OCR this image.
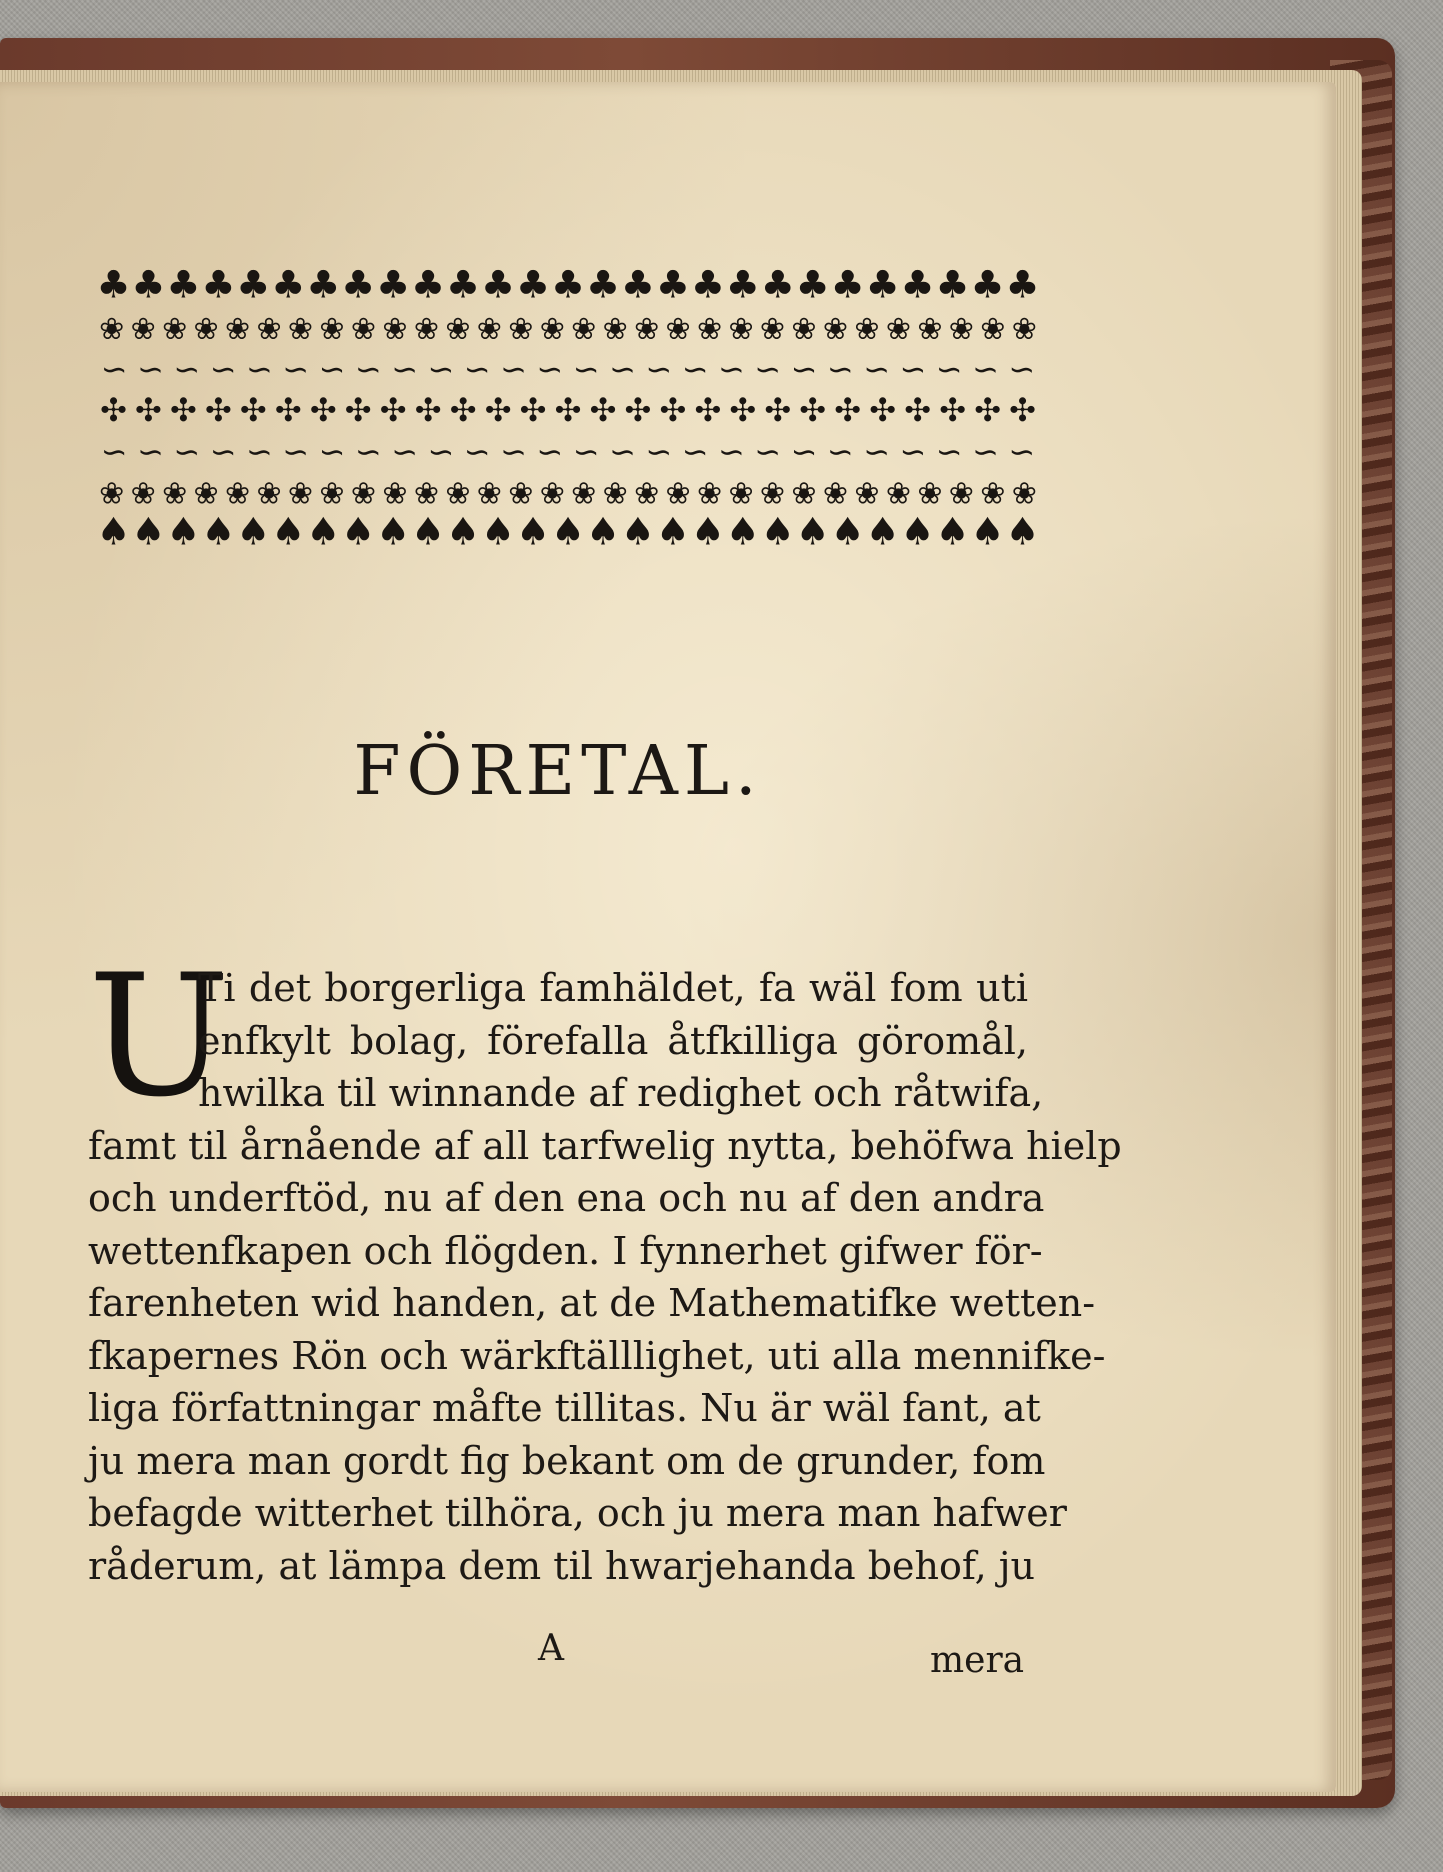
♣ ♣ ♣ ♣ ♣ ♣ ♣ ♣ ♣ ♣ ♣ ♣ ♣ ♣ ♣ ♣ ♣ ♣ ♣ ♣ ♣ ♣ ♣ ♣ ♣ ♣ ♣
❀ ❀ ❀ ❀ ❀ ❀ ❀ ❀ ❀ ❀ ❀ ❀ ❀ ❀ ❀ ❀ ❀ ❀ ❀ ❀ ❀ ❀ ❀ ❀ ❀ ❀ ❀ ❀ ❀ ❀
∽ ∽ ∽ ∽ ∽ ∽ ∽ ∽ ∽ ∽ ∽ ∽ ∽ ∽ ∽ ∽ ∽ ∽ ∽ ∽ ∽ ∽ ∽ ∽ ∽ ∽
✣ ✣ ✣ ✣ ✣ ✣ ✣ ✣ ✣ ✣ ✣ ✣ ✣ ✣ ✣ ✣ ✣ ✣ ✣ ✣ ✣ ✣ ✣ ✣ ✣ ✣ ✣
∽ ∽ ∽ ∽ ∽ ∽ ∽ ∽ ∽ ∽ ∽ ∽ ∽ ∽ ∽ ∽ ∽ ∽ ∽ ∽ ∽ ∽ ∽ ∽ ∽ ∽
❀ ❀ ❀ ❀ ❀ ❀ ❀ ❀ ❀ ❀ ❀ ❀ ❀ ❀ ❀ ❀ ❀ ❀ ❀ ❀ ❀ ❀ ❀ ❀ ❀ ❀ ❀ ❀ ❀ ❀
♠ ♠ ♠ ♠ ♠ ♠ ♠ ♠ ♠ ♠ ♠ ♠ ♠ ♠ ♠ ♠ ♠ ♠ ♠ ♠ ♠ ♠ ♠ ♠ ♠ ♠ ♠
FÖRETAL.
U
Ti det borgerliga famhäldet, fa wäl fom uti
enfkylt bolag, förefalla åtfkilliga göromål,
hwilka til winnande af redighet och råtwifa,
famt til årnående af all tarfwelig nytta, behöfwa hielp
och underftöd, nu af den ena och nu af den andra
wettenfkapen och flögden. I fynnerhet gifwer för-
farenheten wid handen, at de Mathematifke wetten-
fkapernes Rön och wärkftälllighet, uti alla mennifke-
liga författningar måfte tillitas. Nu är wäl fant, at
ju mera man gordt fig bekant om de grunder, fom
befagde witterhet tilhöra, och ju mera man hafwer
råderum, at lämpa dem til hwarjehanda behof, ju
A	mera
